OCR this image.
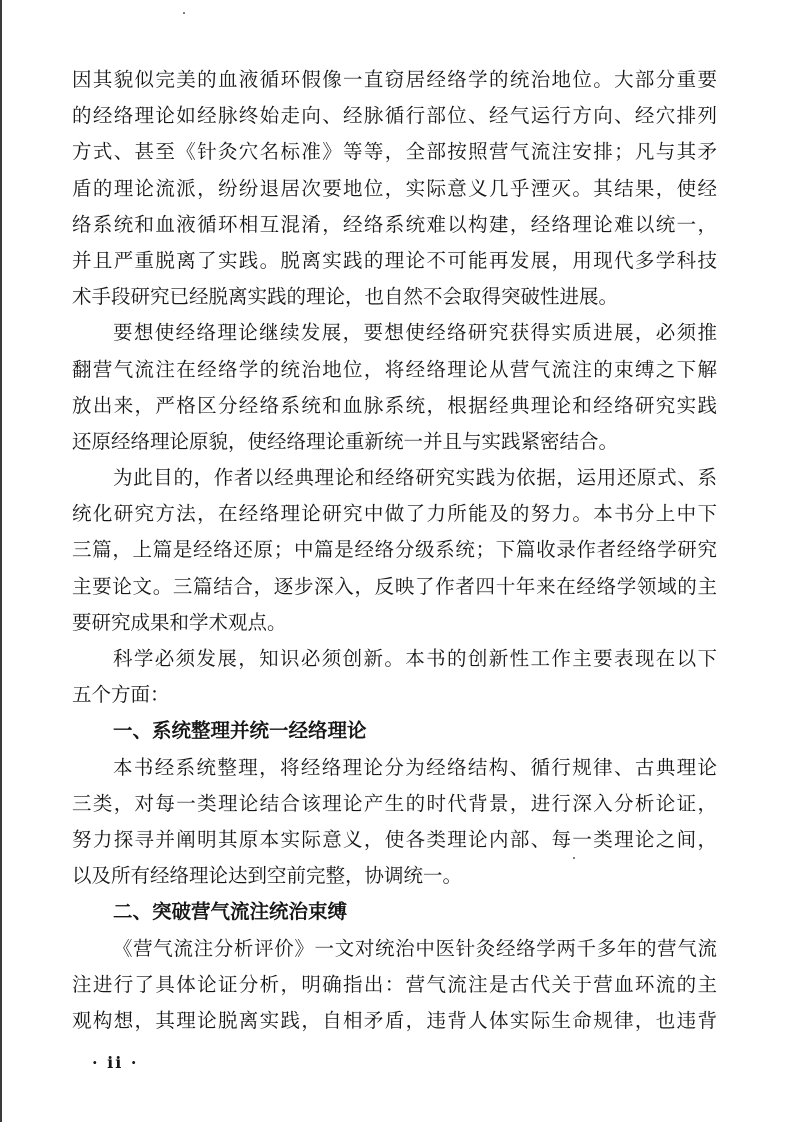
因其貌似完美的血液循环假像一直窃居经络学的统治地位。大部分重要
的经络理论如经脉终始走向、经脉循行部位、经气运行方向、经穴排列
方式、甚至《针灸穴名标准》等等，全部按照营气流注安排；凡与其矛
盾的理论流派，纷纷退居次要地位，实际意义几乎湮灭。其结果，使经
络系统和血液循环相互混淆，经络系统难以构建，经络理论难以统一，
并且严重脱离了实践。脱离实践的理论不可能再发展，用现代多学科技
术手段研究已经脱离实践的理论，也自然不会取得突破性进展。
要想使经络理论继续发展，要想使经络研究获得实质进展，必须推
翻营气流注在经络学的统治地位，将经络理论从营气流注的束缚之下解
放出来，严格区分经络系统和血脉系统，根据经典理论和经络研究实践
还原经络理论原貌，使经络理论重新统一并且与实践紧密结合。
为此目的，作者以经典理论和经络研究实践为依据，运用还原式、系
统化研究方法，在经络理论研究中做了力所能及的努力。本书分上中下
三篇，上篇是经络还原；中篇是经络分级系统；下篇收录作者经络学研究
主要论文。三篇结合，逐步深入，反映了作者四十年来在经络学领域的主
要研究成果和学术观点。
科学必须发展，知识必须创新。本书的创新性工作主要表现在以下
五个方面：
一、系统整理并统一经络理论
本书经系统整理，将经络理论分为经络结构、循行规律、古典理论
三类，对每一类理论结合该理论产生的时代背景，进行深入分析论证，
努力探寻并阐明其原本实际意义，使各类理论内部、每一类理论之间，
以及所有经络理论达到空前完整，协调统一。
二、突破营气流注统治束缚
《营气流注分析评价》一文对统治中医针灸经络学两千多年的营气流
注进行了具体论证分析，明确指出：营气流注是古代关于营血环流的主
观构想，其理论脱离实践，自相矛盾，违背人体实际生命规律，也违背
· ii ·
